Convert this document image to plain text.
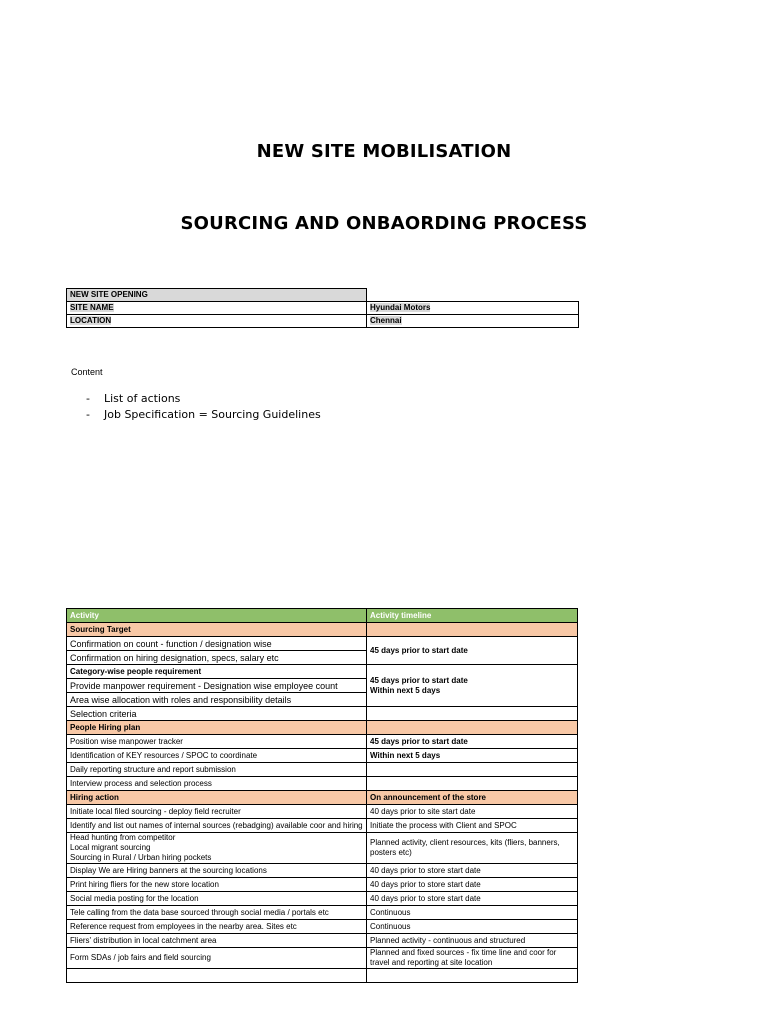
NEW SITE MOBILISATION
SOURCING AND ONBAORDING PROCESS
NEW SITE OPENING	
SITE NAME	Hyundai Motors
LOCATION	Chennai
Content
- List of actions
- Job Specification = Sourcing Guidelines
Activity	Activity timeline
Sourcing Target	
Confirmation on count - function / designation wise	45 days prior to start date
Confirmation on hiring designation, specs, salary etc	
Category-wise people requirement	45 days prior to start date
Within next 5 days

Provide manpower requirement - Designation wise employee count	
Area wise allocation with roles and responsibility details	
Selection criteria	
People Hiring plan	
Position wise manpower tracker	45 days prior to start date
Identification of KEY resources / SPOC to coordinate	Within next 5 days
Daily reporting structure and report submission	
Interview process and selection process	
Hiring action	On announcement of the store
Initiate local filed sourcing - deploy field recruiter	40 days prior to site start date
Identify and list out names of internal sources (rebadging) available coor and hiring	Initiate the process with Client and SPOC

Head hunting from competitor
Local migrant sourcing
Sourcing in Rural / Urban hiring pockets	Planned activity, client resources, kits (fliers, banners, posters etc)
Display We are Hiring banners at the sourcing locations	40 days prior to store start date
Print hiring fliers for the new store location	40 days prior to store start date
Social media posting for the location	40 days prior to store start date
Tele calling from the data base sourced through social media / portals etc	Continuous
Reference request from employees in the nearby area. Sites etc	Continuous
Fliers' distribution in local catchment area	Planned activity - continuous and structured
Form SDAs / job fairs and field sourcing	Planned and fixed sources - fix time line and coor for travel and reporting at site location
